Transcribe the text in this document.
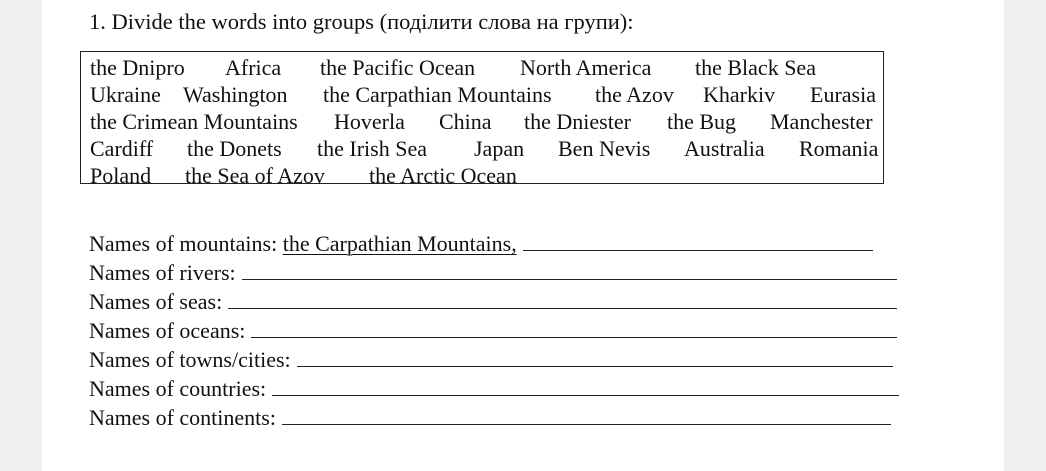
1. Divide the words into groups (поділити слова на групи):
the Dnipro Africa the Pacific Ocean North America the Black Sea
Ukraine Washington the Carpathian Mountains the Azov Kharkiv Eurasia
the Crimean Mountains Hoverla China the Dniester the Bug Manchester
Cardiff the Donets the Irish Sea Japan Ben Nevis Australia Romania
Poland the Sea of Azov the Arctic Ocean
Names of mountains:
the Carpathian Mountains,
Names of rivers:
Names of seas:
Names of oceans:
Names of towns/cities:
Names of countries:
Names of continents:
